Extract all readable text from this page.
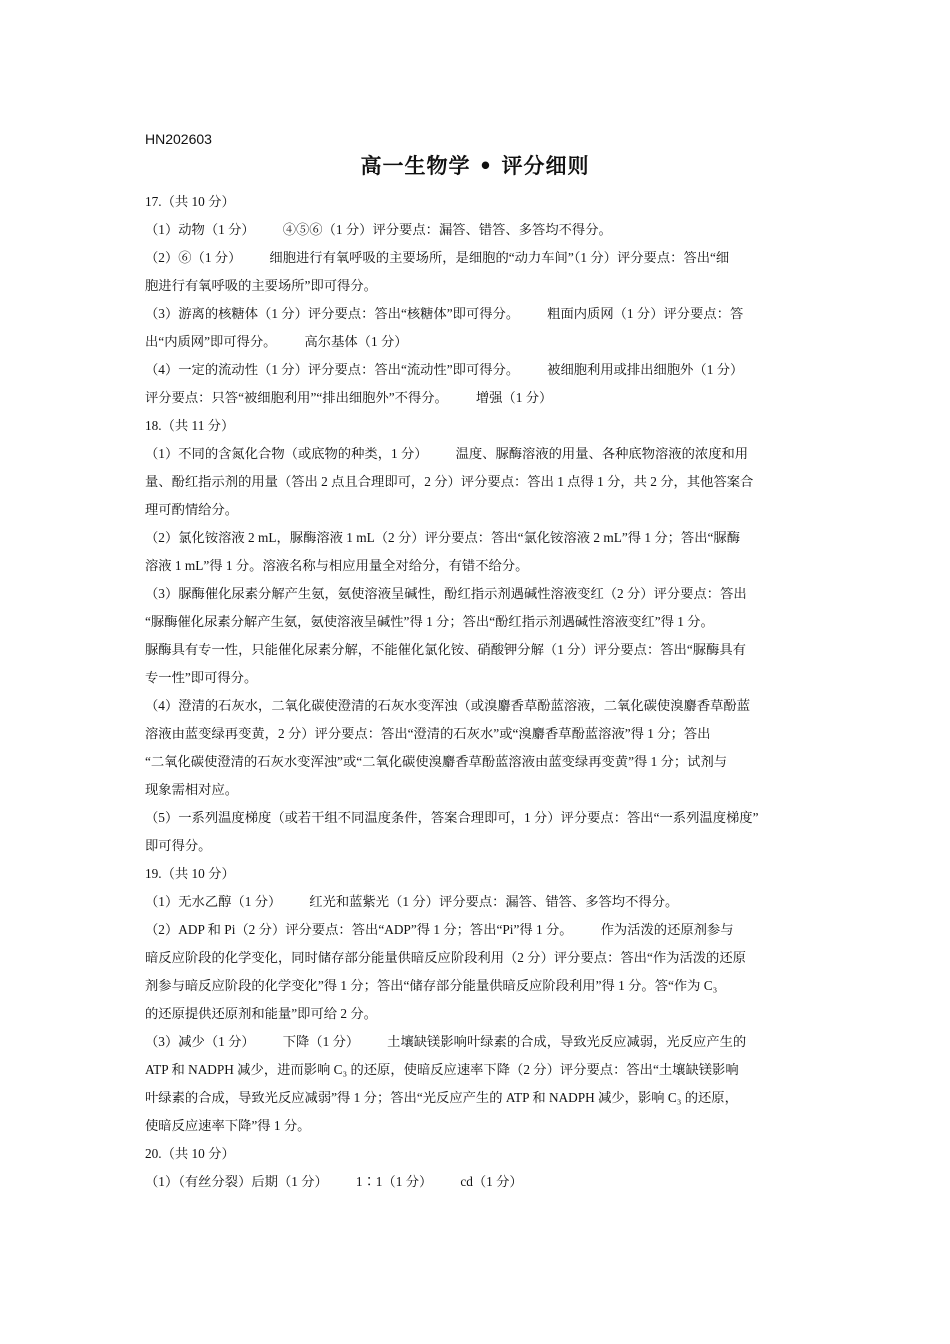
HN202603
高一生物学 • 评分细则
17.（共 10 分）
（1）动物（1 分） ④⑤⑥（1 分）评分要点：漏答、错答、多答均不得分。
（2）⑥（1 分） 细胞进行有氧呼吸的主要场所，是细胞的“动力车间”（1 分）评分要点：答出“细
胞进行有氧呼吸的主要场所”即可得分。
（3）游离的核糖体（1 分）评分要点：答出“核糖体”即可得分。 粗面内质网（1 分）评分要点：答
出“内质网”即可得分。 高尔基体（1 分）
（4）一定的流动性（1 分）评分要点：答出“流动性”即可得分。 被细胞利用或排出细胞外（1 分）
评分要点：只答“被细胞利用”“排出细胞外”不得分。 增强（1 分）
18.（共 11 分）
（1）不同的含氮化合物（或底物的种类，1 分） 温度、脲酶溶液的用量、各种底物溶液的浓度和用
量、酚红指示剂的用量（答出 2 点且合理即可，2 分）评分要点：答出 1 点得 1 分，共 2 分，其他答案合
理可酌情给分。
（2）氯化铵溶液 2 mL，脲酶溶液 1 mL（2 分）评分要点：答出“氯化铵溶液 2 mL”得 1 分；答出“脲酶
溶液 1 mL”得 1 分。溶液名称与相应用量全对给分，有错不给分。
（3）脲酶催化尿素分解产生氨，氨使溶液呈碱性，酚红指示剂遇碱性溶液变红（2 分）评分要点：答出
“脲酶催化尿素分解产生氨，氨使溶液呈碱性”得 1 分；答出“酚红指示剂遇碱性溶液变红”得 1 分。
脲酶具有专一性，只能催化尿素分解，不能催化氯化铵、硝酸钾分解（1 分）评分要点：答出“脲酶具有
专一性”即可得分。
（4）澄清的石灰水，二氧化碳使澄清的石灰水变浑浊（或溴麝香草酚蓝溶液，二氧化碳使溴麝香草酚蓝
溶液由蓝变绿再变黄，2 分）评分要点：答出“澄清的石灰水”或“溴麝香草酚蓝溶液”得 1 分；答出
“二氧化碳使澄清的石灰水变浑浊”或“二氧化碳使溴麝香草酚蓝溶液由蓝变绿再变黄”得 1 分；试剂与
现象需相对应。
（5）一系列温度梯度（或若干组不同温度条件，答案合理即可，1 分）评分要点：答出“一系列温度梯度”
即可得分。
19.（共 10 分）
（1）无水乙醇（1 分） 红光和蓝紫光（1 分）评分要点：漏答、错答、多答均不得分。
（2）ADP 和 Pi（2 分）评分要点：答出“ADP”得 1 分；答出“Pi”得 1 分。 作为活泼的还原剂参与
暗反应阶段的化学变化，同时储存部分能量供暗反应阶段利用（2 分）评分要点：答出“作为活泼的还原
剂参与暗反应阶段的化学变化”得 1 分；答出“储存部分能量供暗反应阶段利用”得 1 分。答“作为 C₃
的还原提供还原剂和能量”即可给 2 分。
（3）减少（1 分） 下降（1 分） 土壤缺镁影响叶绿素的合成，导致光反应减弱，光反应产生的
ATP 和 NADPH 减少，进而影响 C₃ 的还原，使暗反应速率下降（2 分）评分要点：答出“土壤缺镁影响
叶绿素的合成，导致光反应减弱”得 1 分；答出“光反应产生的 ATP 和 NADPH 减少，影响 C₃ 的还原，
使暗反应速率下降”得 1 分。
20.（共 10 分）
（1）（有丝分裂）后期（1 分） 1∶1（1 分） cd（1 分）
